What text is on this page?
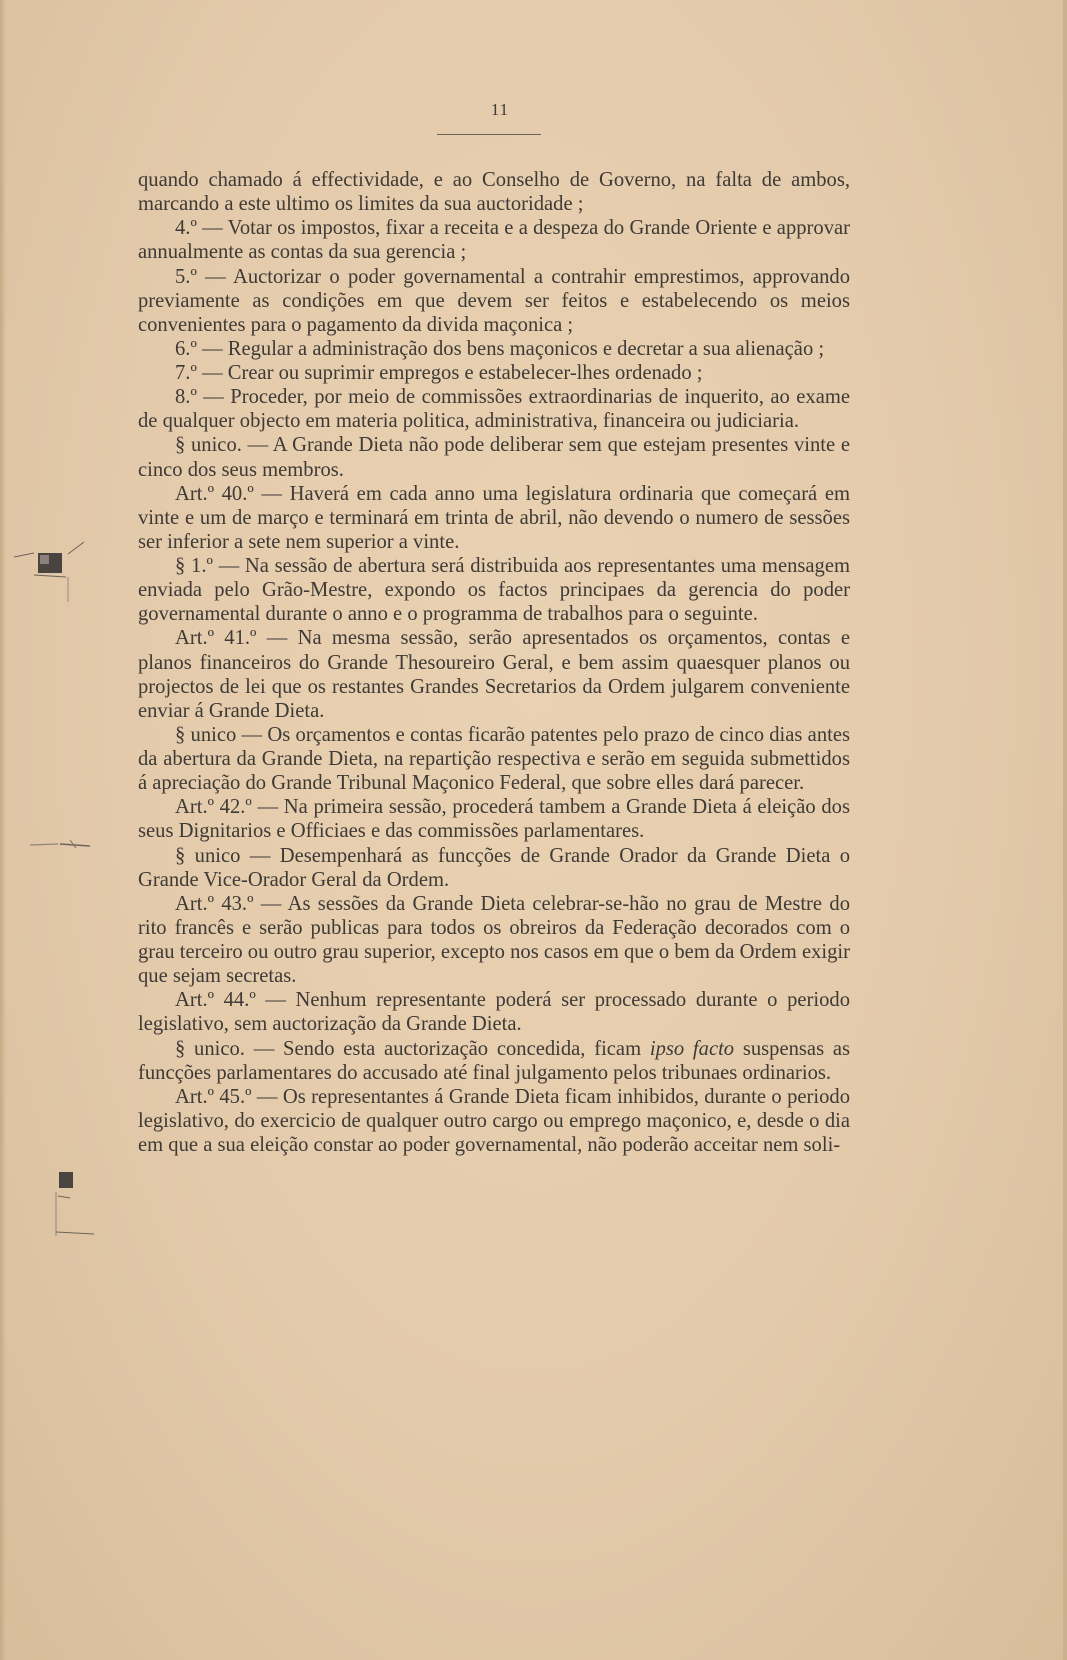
11

quando chamado á effectividade, e ao Conselho de Governo, na falta de ambos, marcando a este ultimo os limites da sua auctoridade ;

4.º — Votar os impostos, fixar a receita e a despeza do Grande Oriente e approvar annualmente as contas da sua gerencia ;

5.º — Auctorizar o poder governamental a contrahir emprestimos, approvando previamente as condições em que devem ser feitos e estabelecendo os meios convenientes para o pagamento da divida maçonica ;

6.º — Regular a administração dos bens maçonicos e decretar a sua alienação ;

7.º — Crear ou suprimir empregos e estabelecer-lhes ordenado ;

8.º — Proceder, por meio de commissões extraordinarias de inquerito, ao exame de qualquer objecto em materia politica, administrativa, financeira ou judiciaria.

§ unico. — A Grande Dieta não pode deliberar sem que estejam presentes vinte e cinco dos seus membros.

Art.º 40.º — Haverá em cada anno uma legislatura ordinaria que começará em vinte e um de março e terminará em trinta de abril, não devendo o numero de sessões ser inferior a sete nem superior a vinte.

§ 1.º — Na sessão de abertura será distribuida aos representantes uma mensagem enviada pelo Grão-Mestre, expondo os factos principaes da gerencia do poder governamental durante o anno e o programma de trabalhos para o seguinte.

Art.º 41.º — Na mesma sessão, serão apresentados os orçamentos, contas e planos financeiros do Grande Thesoureiro Geral, e bem assim quaesquer planos ou projectos de lei que os restantes Grandes Secretarios da Ordem julgarem conveniente enviar á Grande Dieta.

§ unico — Os orçamentos e contas ficarão patentes pelo prazo de cinco dias antes da abertura da Grande Dieta, na repartição respectiva e serão em seguida submettidos á apreciação do Grande Tribunal Maçonico Federal, que sobre elles dará parecer.

Art.º 42.º — Na primeira sessão, procederá tambem a Grande Dieta á eleição dos seus Dignitarios e Officiaes e das commissões parlamentares.

§ unico — Desempenhará as funcções de Grande Orador da Grande Dieta o Grande Vice-Orador Geral da Ordem.

Art.º 43.º — As sessões da Grande Dieta celebrar-se-hão no grau de Mestre do rito francês e serão publicas para todos os obreiros da Federação decorados com o grau terceiro ou outro grau superior, excepto nos casos em que o bem da Ordem exigir que sejam secretas.

Art.º 44.º — Nenhum representante poderá ser processado durante o periodo legislativo, sem auctorização da Grande Dieta.

§ unico. — Sendo esta auctorização concedida, ficam ipso facto suspensas as funcções parlamentares do accusado até final julgamento pelos tribunaes ordinarios.

Art.º 45.º — Os representantes á Grande Dieta ficam inhibidos, durante o periodo legislativo, do exercicio de qualquer outro cargo ou emprego maçonico, e, desde o dia em que a sua eleição constar ao poder governamental, não poderão acceitar nem soli-
